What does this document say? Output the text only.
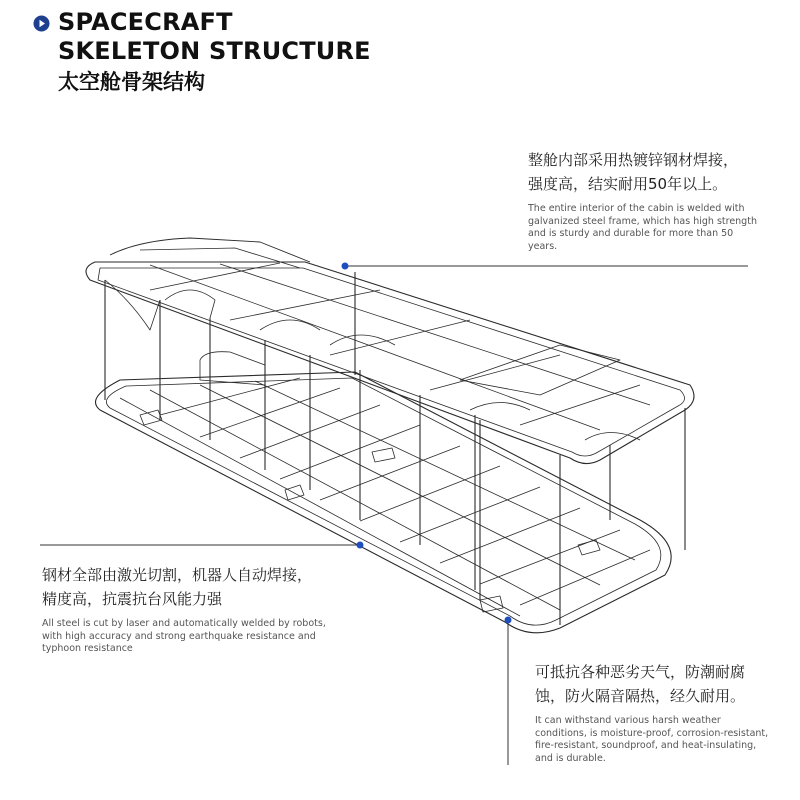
SPACECRAFT
SKELETON STRUCTURE
太空舱骨架结构
整舱内部采用热镀锌钢材焊接，
强度高，结实耐用50年以上。
The entire interior of the cabin is welded with galvanized steel frame, which has high strength and is sturdy and durable for more than 50 years.
钢材全部由激光切割，机器人自动焊接，
精度高，抗震抗台风能力强
All steel is cut by laser and automatically welded by robots, with high accuracy and strong earthquake resistance and typhoon resistance
可抵抗各种恶劣天气，防潮耐腐
蚀，防火隔音隔热，经久耐用。
It can withstand various harsh weather conditions, is moisture-proof, corrosion-resistant, fire-resistant, soundproof, and heat-insulating, and is durable.
